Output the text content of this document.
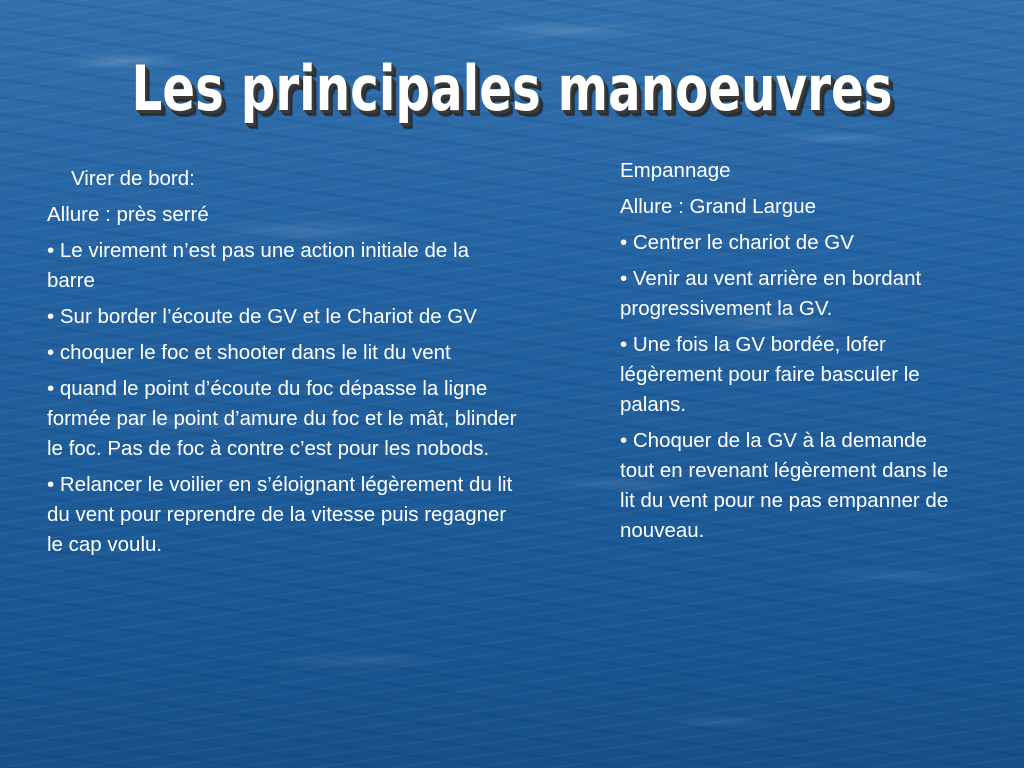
Les principales manoeuvres

Virer de bord:

Allure : près serré

• Le virement n’est pas une action initiale de la barre

• Sur border l’écoute de GV et le Chariot de GV

• choquer le foc et shooter dans le lit du vent

• quand le point d’écoute du foc dépasse la ligne formée par le point d’amure du foc et le mât, blinder le foc. Pas de foc à contre c’est pour les nobods.

• Relancer le voilier en s’éloignant légèrement du lit du vent pour reprendre de la vitesse puis regagner le cap voulu.

Empannage

Allure : Grand Largue

• Centrer le chariot de GV

• Venir au vent arrière en bordant progressivement la GV.

• Une fois la GV bordée, lofer légèrement pour faire basculer le palans.

• Choquer de la GV à la demande tout en revenant légèrement dans le lit du vent pour ne pas empanner de nouveau.
